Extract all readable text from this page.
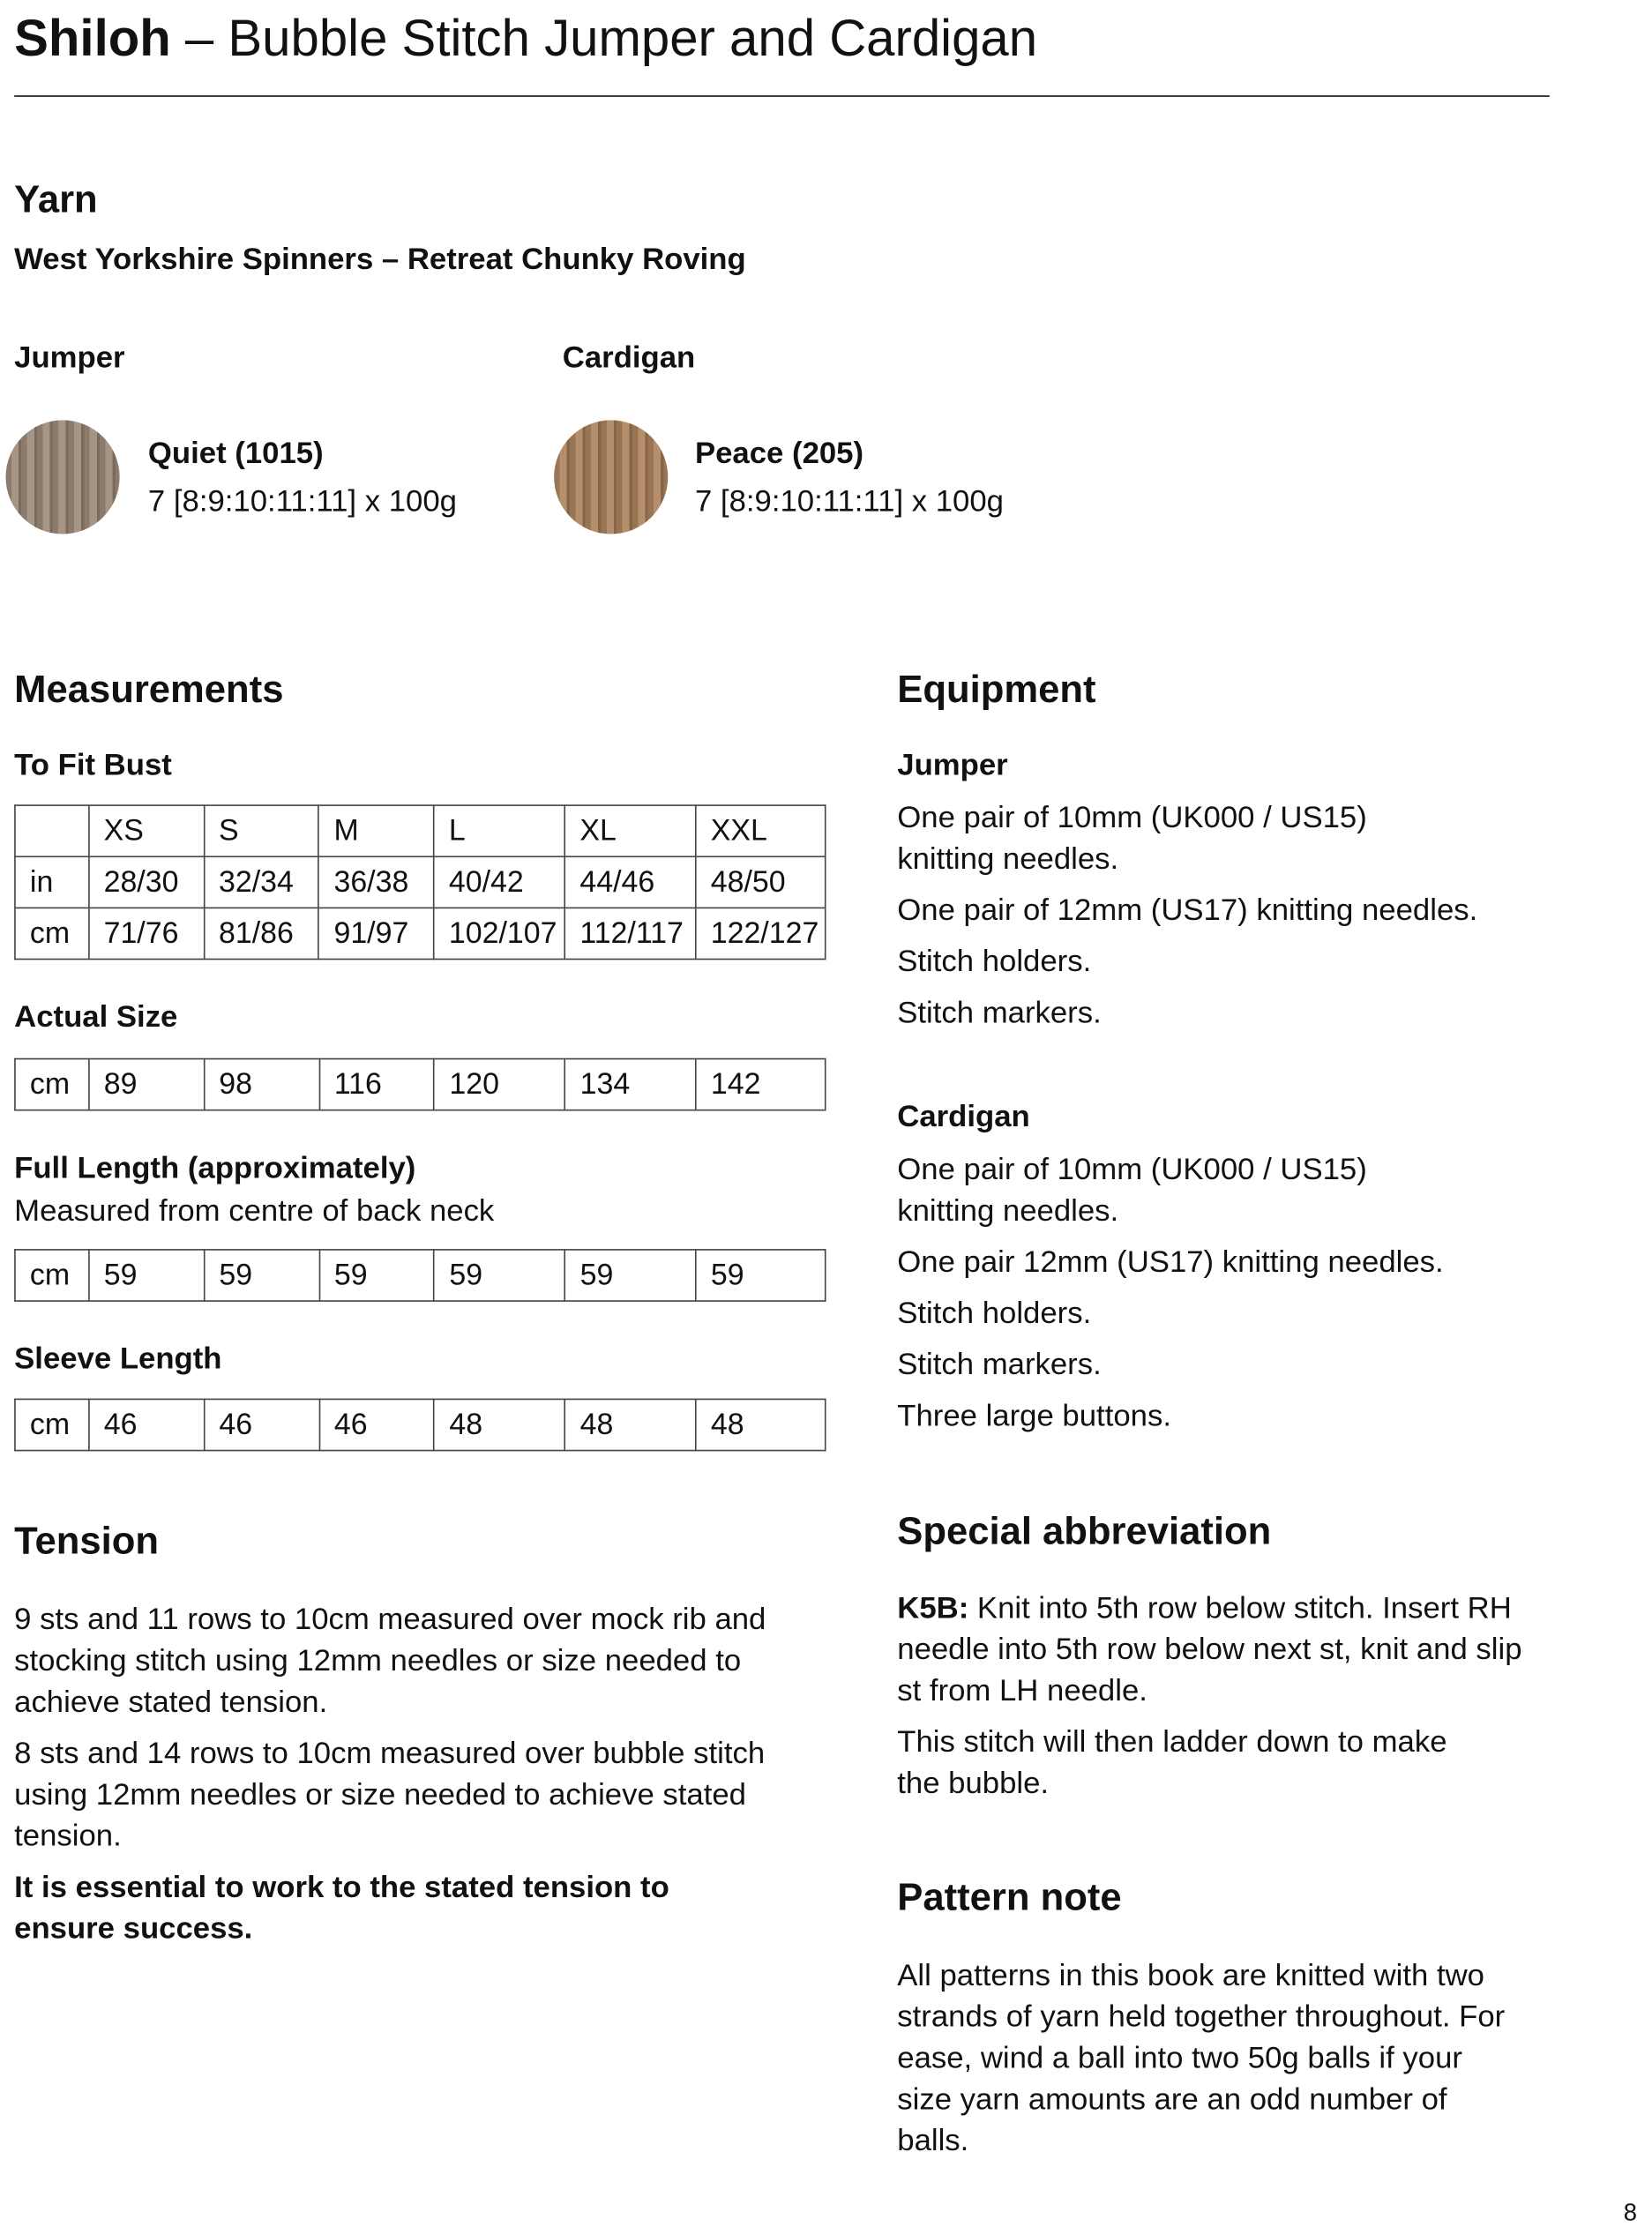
Shiloh – Bubble Stitch Jumper and Cardigan
Yarn
West Yorkshire Spinners – Retreat Chunky Roving
Jumper
Quiet (1015)
7 [8:9:10:11:11] x 100g
Cardigan
Peace (205)
7 [8:9:10:11:11] x 100g
Measurements
To Fit Bust
	XS	S	M	L	XL	XXL
in	28/30	32/34	36/38	40/42	44/46	48/50
cm	71/76	81/86	91/97	102/107	112/117	122/127
Actual Size
cm	89	98	116	120	134	142
Full Length (approximately)
Measured from centre of back neck
cm	59	59	59	59	59	59
Sleeve Length
cm	46	46	46	48	48	48
Tension

9 sts and 11 rows to 10cm measured over mock rib and stocking stitch using 12mm needles or size needed to achieve stated tension.

8 sts and 14 rows to 10cm measured over bubble stitch using 12mm needles or size needed to achieve stated tension.

It is essential to work to the stated tension to ensure success.

Equipment
Jumper

One pair of 10mm (UK000 / US15) knitting needles.

One pair of 12mm (US17) knitting needles.

Stitch holders.

Stitch markers.

Cardigan

One pair of 10mm (UK000 / US15) knitting needles.

One pair 12mm (US17) knitting needles.

Stitch holders.

Stitch markers.

Three large buttons.

Special abbreviation

K5B: Knit into 5th row below stitch. Insert RH needle into 5th row below next st, knit and slip st from LH needle.

This stitch will then ladder down to make the bubble.

Pattern note
All patterns in this book are knitted with two strands of yarn held together throughout. For ease, wind a ball into two 50g balls if your size yarn amounts are an odd number of balls.
8
